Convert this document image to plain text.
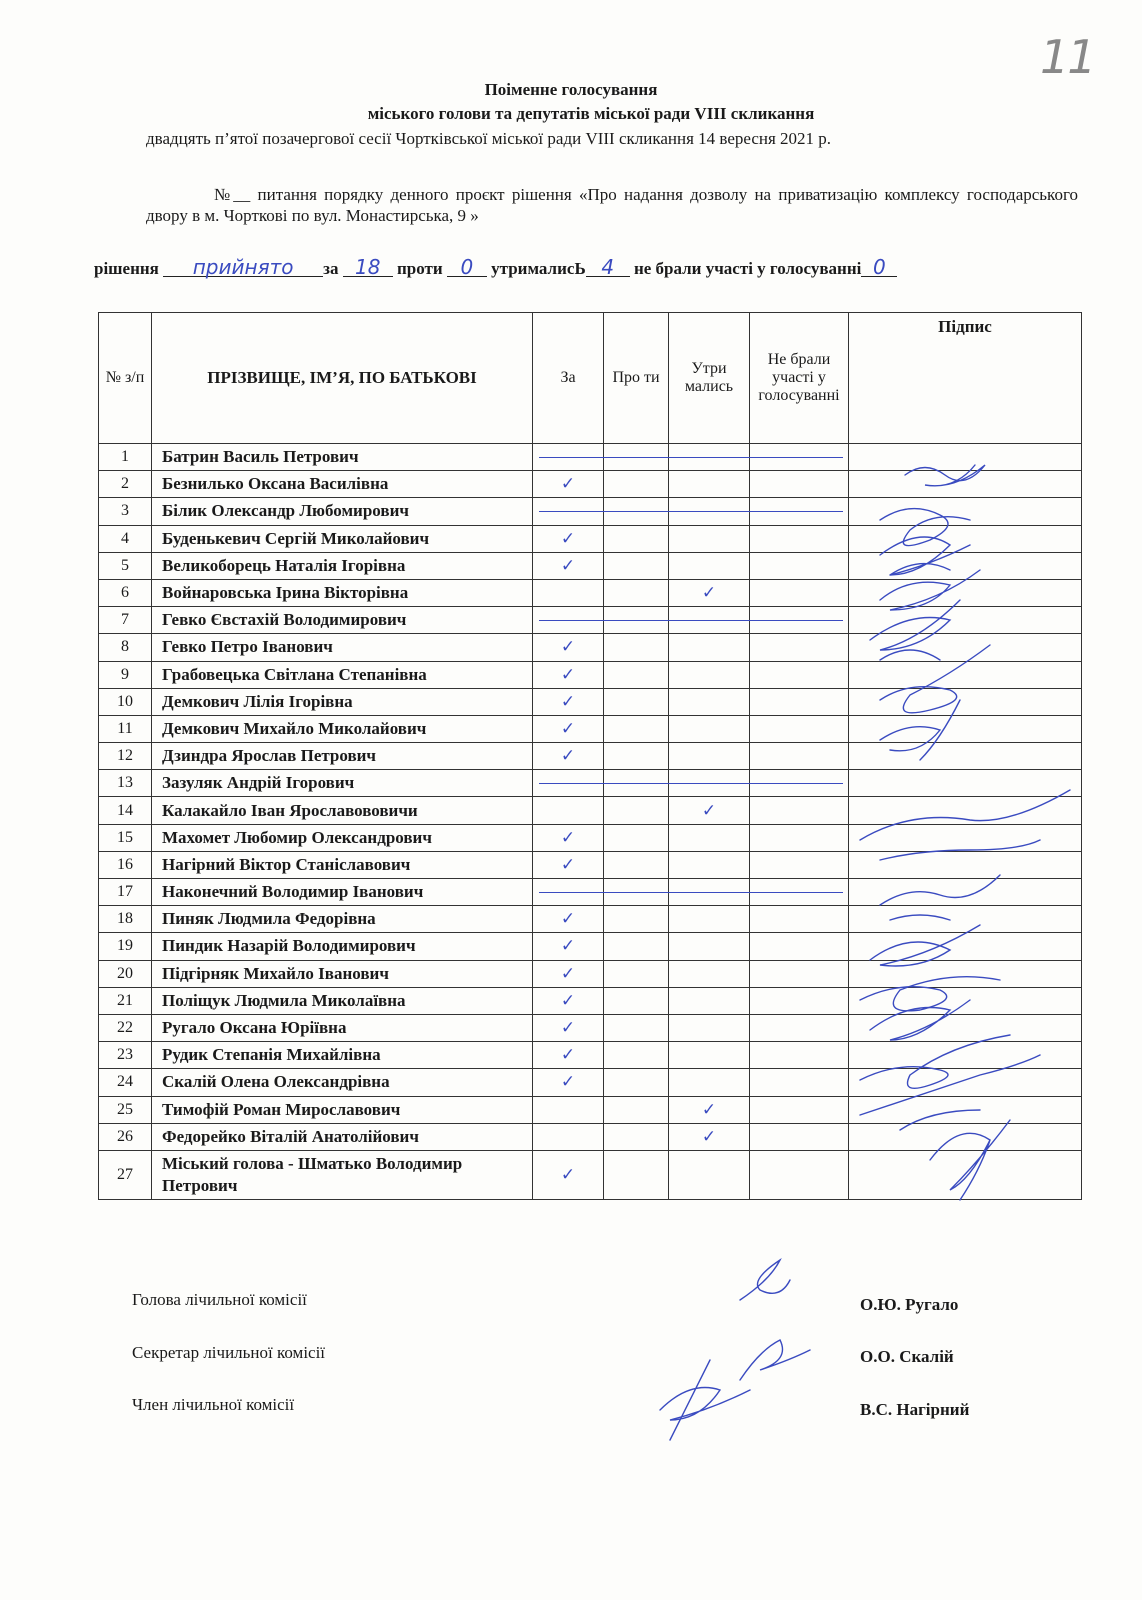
11
Поіменне голосування
міського голови та депутатів міської ради VIII скликання
двадцять п’ятої позачергової сесії Чортківської міської ради VIII скликання 14 вересня 2021 р.
№__ питання порядку денного проєкт рішення «Про надання дозволу на приватизацію комплексу господарського двору в м. Чорткові по вул. Монастирська, 9 »
рішення прийнято за 18 проти 0 утрималисЬ 4 не брали участі у голосуванні 0
№ з/п	ПРІЗВИЩЕ, ІМ’Я, ПО БАТЬКОВІ	За	Про ти	Утри мались	Не брали участі у голосуванні	Підпис
1	Батрин Василь Петрович					
2	Безнилько Оксана Василівна	✓				
3	Білик Олександр Любомирович					
4	Буденькевич Сергій Миколайович	✓				
5	Великоборець Наталія Ігорівна	✓				
6	Войнаровська Ірина Вікторівна			✓		
7	Гевко Євстахій Володимирович					
8	Гевко Петро Іванович	✓				
9	Грабовецька Світлана Степанівна	✓				
10	Демкович Лілія Ігорівна	✓				
11	Демкович Михайло Миколайович	✓				
12	Дзиндра Ярослав Петрович	✓				
13	Зазуляк Андрій Ігорович					
14	Калакайло Іван Ярославововичи			✓		
15	Махомет Любомир Олександрович	✓				
16	Нагірний Віктор Станіславович	✓				
17	Наконечний Володимир Іванович					
18	Пиняк Людмила Федорівна	✓				
19	Пиндик Назарій Володимирович	✓				
20	Підгірняк Михайло Іванович	✓				
21	Поліщук Людмила Миколаївна	✓				
22	Ругало Оксана Юріївна	✓				
23	Рудик Степанія Михайлівна	✓				
24	Скалій Олена Олександрівна	✓				
25	Тимофій Роман Мирославович			✓		
26	Федорейко Віталій Анатолійович			✓		
27	Міський голова - Шматько Володимир Петрович	✓				
Голова лічильної комісії	О.Ю. Ругало
Секретар лічильної комісії	О.О. Скалій
Член лічильної комісії	В.С. Нагірний
